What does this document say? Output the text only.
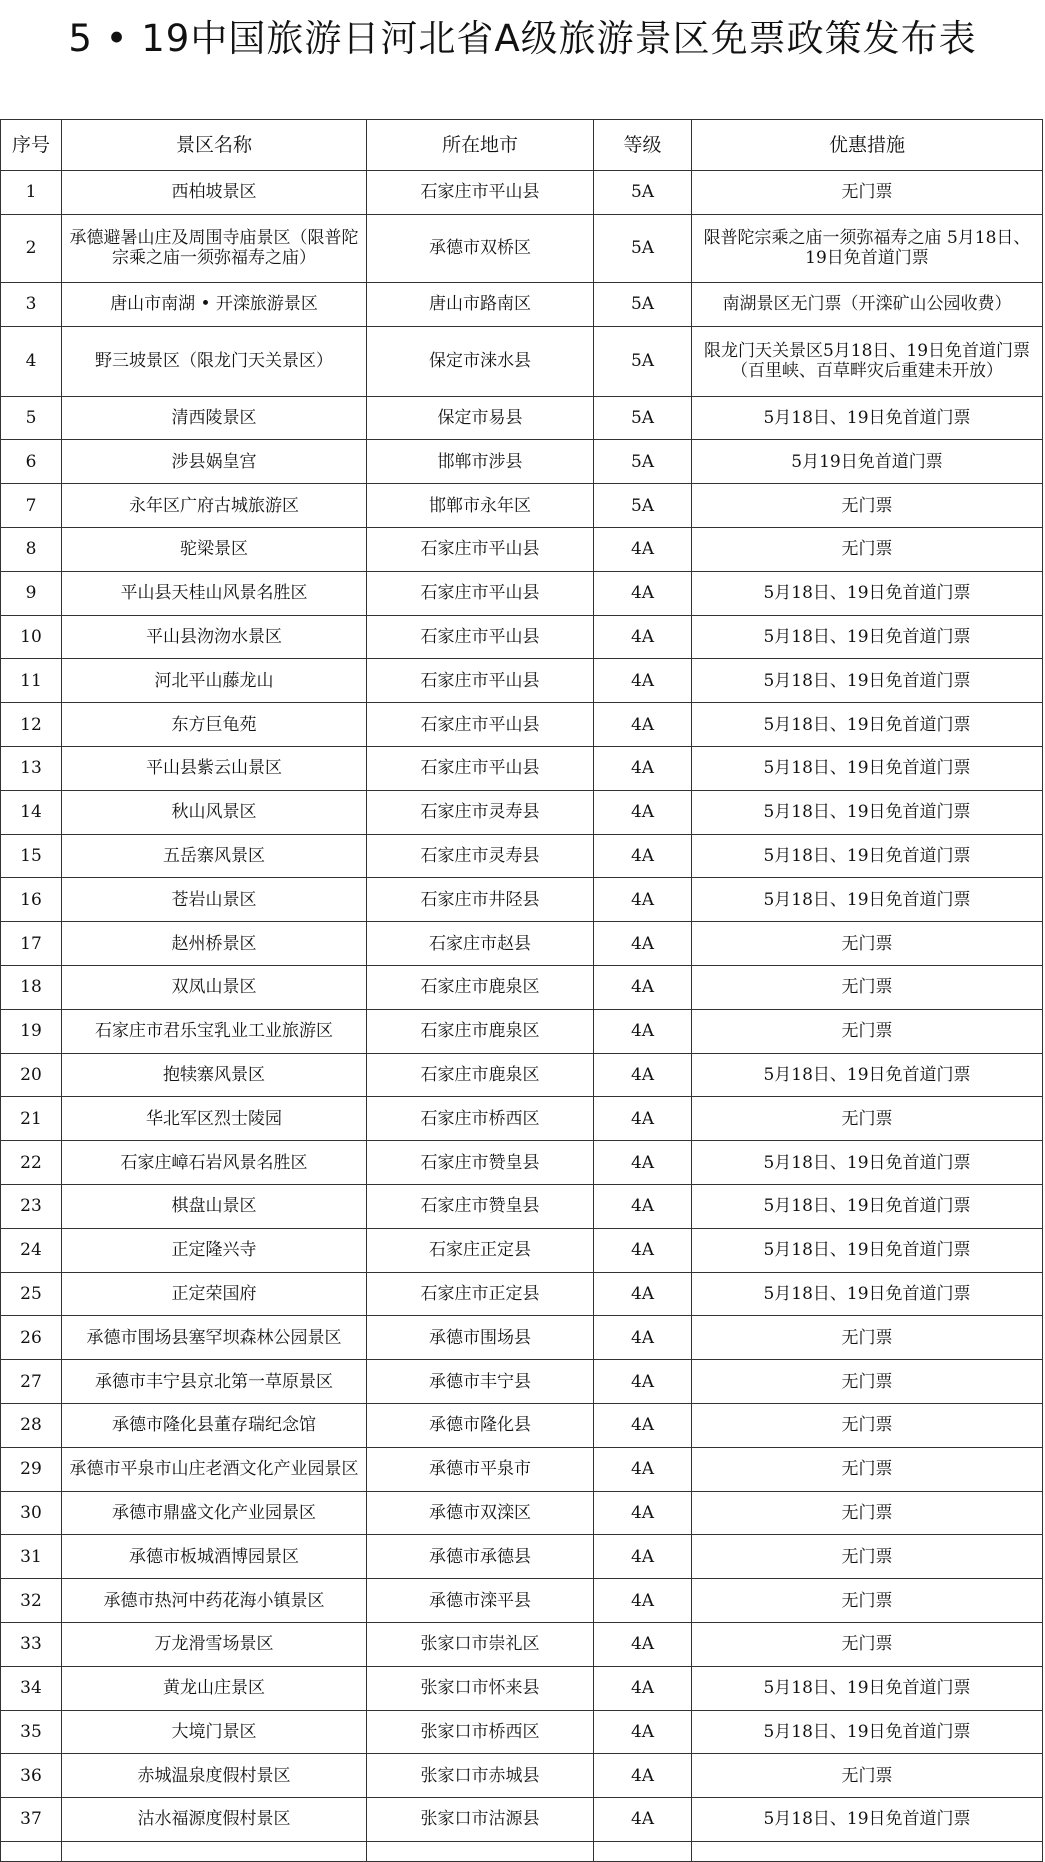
5 • 19中国旅游日河北省A级旅游景区免票政策发布表
序号	景区名称	所在地市	等级	优惠措施

1	西柏坡景区	石家庄市平山县	5A	无门票

2	承德避暑山庄及周围寺庙景区（限普陀宗乘之庙一须弥福寿之庙）	承德市双桥区	5A	限普陀宗乘之庙一须弥福寿之庙 5月18日、19日免首道门票

3	唐山市南湖 • 开滦旅游景区	唐山市路南区	5A	南湖景区无门票（开滦矿山公园收费）

4	野三坡景区（限龙门天关景区）	保定市涞水县	5A	限龙门天关景区5月18日、19日免首道门票
（百里峡、百草畔灾后重建未开放）

5	清西陵景区	保定市易县	5A	5月18日、19日免首道门票

6	涉县娲皇宫	邯郸市涉县	5A	5月19日免首道门票

7	永年区广府古城旅游区	邯郸市永年区	5A	无门票

8	驼梁景区	石家庄市平山县	4A	无门票

9	平山县天桂山风景名胜区	石家庄市平山县	4A	5月18日、19日免首道门票

10	平山县沕沕水景区	石家庄市平山县	4A	5月18日、19日免首道门票

11	河北平山藤龙山	石家庄市平山县	4A	5月18日、19日免首道门票

12	东方巨龟苑	石家庄市平山县	4A	5月18日、19日免首道门票

13	平山县紫云山景区	石家庄市平山县	4A	5月18日、19日免首道门票

14	秋山风景区	石家庄市灵寿县	4A	5月18日、19日免首道门票

15	五岳寨风景区	石家庄市灵寿县	4A	5月18日、19日免首道门票

16	苍岩山景区	石家庄市井陉县	4A	5月18日、19日免首道门票

17	赵州桥景区	石家庄市赵县	4A	无门票

18	双凤山景区	石家庄市鹿泉区	4A	无门票

19	石家庄市君乐宝乳业工业旅游区	石家庄市鹿泉区	4A	无门票

20	抱犊寨风景区	石家庄市鹿泉区	4A	5月18日、19日免首道门票

21	华北军区烈士陵园	石家庄市桥西区	4A	无门票

22	石家庄嶂石岩风景名胜区	石家庄市赞皇县	4A	5月18日、19日免首道门票

23	棋盘山景区	石家庄市赞皇县	4A	5月18日、19日免首道门票

24	正定隆兴寺	石家庄正定县	4A	5月18日、19日免首道门票

25	正定荣国府	石家庄市正定县	4A	5月18日、19日免首道门票

26	承德市围场县塞罕坝森林公园景区	承德市围场县	4A	无门票

27	承德市丰宁县京北第一草原景区	承德市丰宁县	4A	无门票

28	承德市隆化县董存瑞纪念馆	承德市隆化县	4A	无门票

29	承德市平泉市山庄老酒文化产业园景区	承德市平泉市	4A	无门票

30	承德市鼎盛文化产业园景区	承德市双滦区	4A	无门票

31	承德市板城酒博园景区	承德市承德县	4A	无门票

32	承德市热河中药花海小镇景区	承德市滦平县	4A	无门票

33	万龙滑雪场景区	张家口市崇礼区	4A	无门票

34	黄龙山庄景区	张家口市怀来县	4A	5月18日、19日免首道门票

35	大境门景区	张家口市桥西区	4A	5月18日、19日免首道门票

36	赤城温泉度假村景区	张家口市赤城县	4A	无门票

37	沽水福源度假村景区	张家口市沽源县	4A	5月18日、19日免首道门票
